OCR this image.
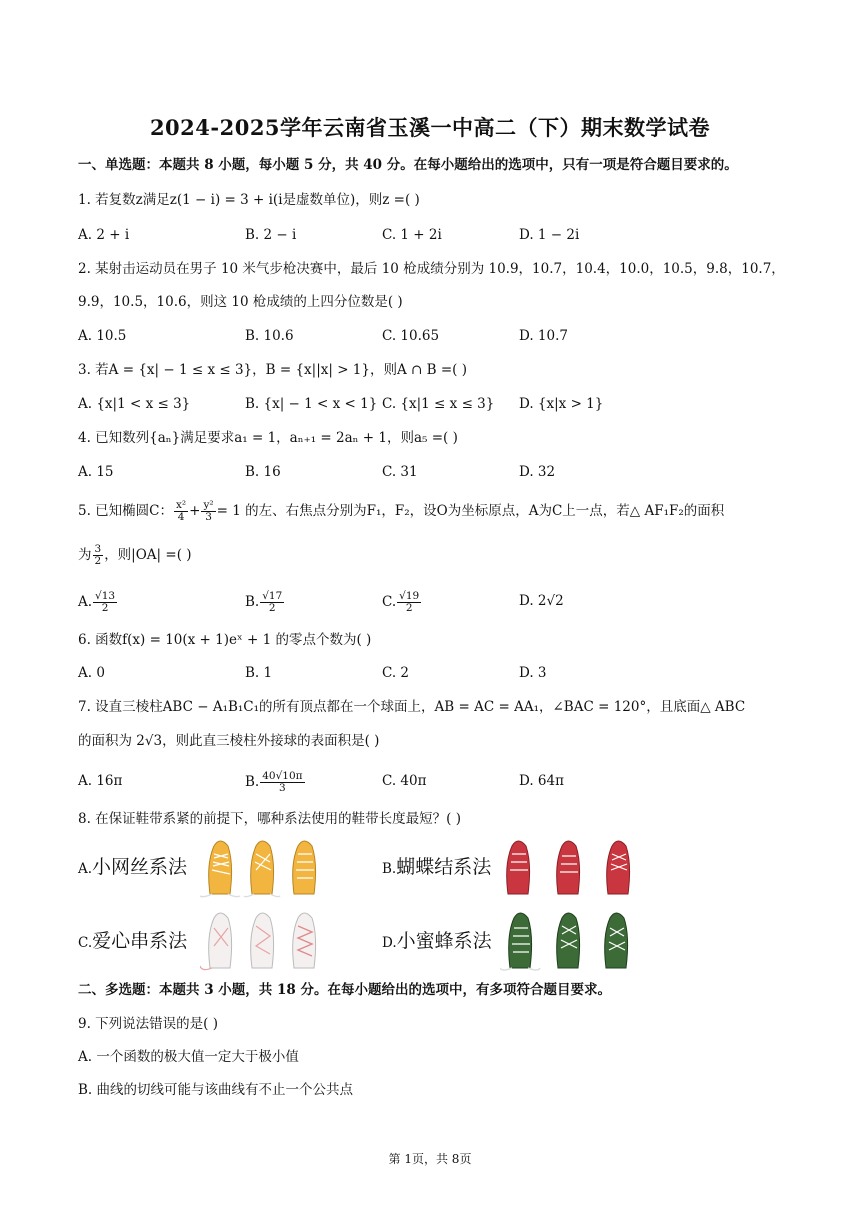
2024-2025学年云南省玉溪一中高二（下）期末数学试卷
一、单选题：本题共 8 小题，每小题 5 分，共 40 分。在每小题给出的选项中，只有一项是符合题目要求的。
1. 若复数z满足z(1 − i) = 3 + i(i是虚数单位)，则z =( )
A. 2 + i	B. 2 − i	C. 1 + 2i	D. 1 − 2i
2. 某射击运动员在男子 10 米气步枪决赛中，最后 10 枪成绩分别为 10.9，10.7，10.4，10.0，10.5，9.8，10.7，
9.9，10.5，10.6，则这 10 枪成绩的上四分位数是( )
A. 10.5	B. 10.6	C. 10.65	D. 10.7
3. 若A = {x| − 1 ≤ x ≤ 3}，B = {x||x| > 1}，则A ∩ B =( )
A. {x|1 < x ≤ 3}	B. {x| − 1 < x < 1} C. {x|1 ≤ x ≤ 3} D. {x|x > 1}
4. 已知数列{aₙ}满足要求a₁ = 1，aₙ₊₁ = 2aₙ + 1，则a₅ =( )
A. 15	B. 16	C. 31	D. 32
5. 已知椭圆C： $\frac{\text{x²}}{4} + \frac{\text{y²}}{3} = 1$ 的左、右焦点分别为F₁，F₂，设O为坐标原点，A为C上一点，若△ AF₁F₂的面积
为 $\frac{3}{2}$ ，则|OA| =( )
A. $\frac{√13}{2}$	B. $\frac{√17}{2}$	C. $\frac{√19}{2}$	D. 2√2
6. 函数f(x) = 10(x + 1)eˣ + 1 的零点个数为( )
A. 0	B. 1	C. 2	D. 3
7. 设直三棱柱ABC − A₁B₁C₁的所有顶点都在一个球面上，AB = AC = AA₁，∠BAC = 120°，且底面△ ABC
的面积为 2√3，则此直三棱柱外接球的表面积是( )
A. 16π	B. $\frac{40√10\pi}{3}$	C. 40π	D. 64π
8. 在保证鞋带系紧的前提下，哪种系法使用的鞋带长度最短？( )
A.小网丝系法	B.蝴蝶结系法
C.爱心串系法	D.小蜜蜂系法
二、多选题：本题共 3 小题，共 18 分。在每小题给出的选项中，有多项符合题目要求。
9. 下列说法错误的是( )
A. 一个函数的极大值一定大于极小值
B. 曲线的切线可能与该曲线有不止一个公共点
第 1页，共 8页
